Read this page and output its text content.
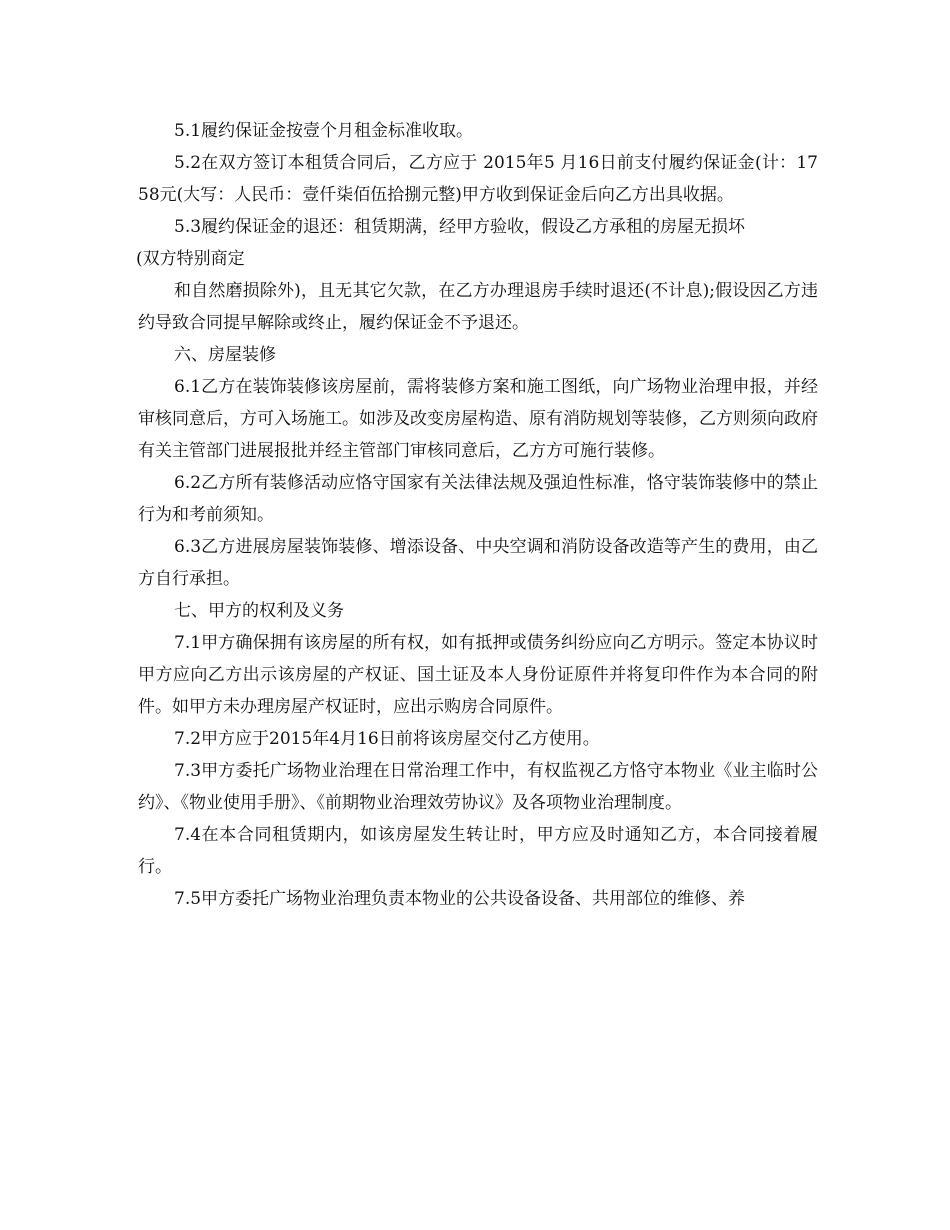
5.1履约保证金按壹个月租金标准收取。

5.2在双方签订本租赁合同后，乙方应于 2015年5 月16日前支付履约保证金(计：1758元(大写：人民币：壹仟柒佰伍拾捌元整)甲方收到保证金后向乙方出具收据。

5.3履约保证金的退还：租赁期满，经甲方验收，假设乙方承租的房屋无损坏

(双方特别商定

和自然磨损除外)，且无其它欠款，在乙方办理退房手续时退还(不计息);假设因乙方违约导致合同提早解除或终止，履约保证金不予退还。

六、房屋装修

6.1乙方在装饰装修该房屋前，需将装修方案和施工图纸，向广场物业治理申报，并经审核同意后，方可入场施工。如涉及改变房屋构造、原有消防规划等装修，乙方则须向政府有关主管部门进展报批并经主管部门审核同意后，乙方方可施行装修。

6.2乙方所有装修活动应恪守国家有关法律法规及强迫性标准，恪守装饰装修中的禁止行为和考前须知。

6.3乙方进展房屋装饰装修、增添设备、中央空调和消防设备改造等产生的费用，由乙方自行承担。

七、甲方的权利及义务

7.1甲方确保拥有该房屋的所有权，如有抵押或债务纠纷应向乙方明示。签定本协议时甲方应向乙方出示该房屋的产权证、国土证及本人身份证原件并将复印件作为本合同的附件。如甲方未办理房屋产权证时，应出示购房合同原件。

7.2甲方应于2015年4月16日前将该房屋交付乙方使用。

7.3甲方委托广场物业治理在日常治理工作中，有权监视乙方恪守本物业《业主临时公约》、《物业使用手册》、《前期物业治理效劳协议》及各项物业治理制度。

7.4在本合同租赁期内，如该房屋发生转让时，甲方应及时通知乙方，本合同接着履行。

7.5甲方委托广场物业治理负责本物业的公共设备设备、共用部位的维修、养
